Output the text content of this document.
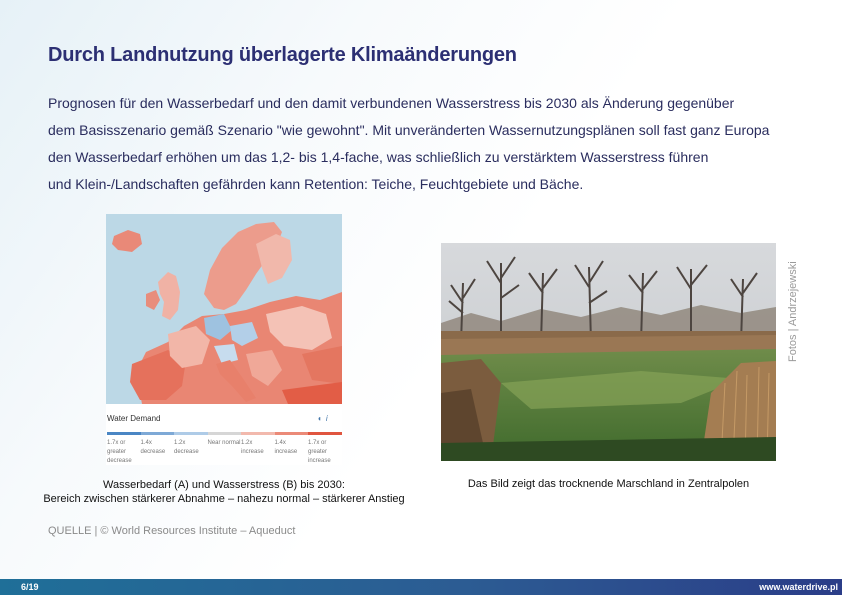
Durch Landnutzung überlagerte Klimaänderungen
Prognosen für den Wasserbedarf und den damit verbundenen Wasserstress bis 2030 als Änderung gegenüber
dem Basisszenario gemäß Szenario "wie gewohnt". Mit unveränderten Wassernutzungsplänen soll fast ganz Europa
den Wasserbedarf erhöhen um das 1,2- bis 1,4-fache, was schließlich zu verstärktem Wasserstress führen
und Klein-/Landschaften gefährden kann Retention: Teiche, Feuchtgebiete und Bäche.
Water Demand	◖i
1.7x or greater decrease
1.4x decrease
1.2x decrease
Near normal 1.2x increase
1.4x increase
1.7x or greater increase
Wasserbedarf (A) und Wasserstress (B) bis 2030:
Bereich zwischen stärkerer Abnahme – nahezu normal – stärkerer Anstieg
Fotos | Andrzejewski
Das Bild zeigt das trocknende Marschland in Zentralpolen
QUELLE | © World Resources Institute – Aqueduct
6/19	www.waterdrive.pl
